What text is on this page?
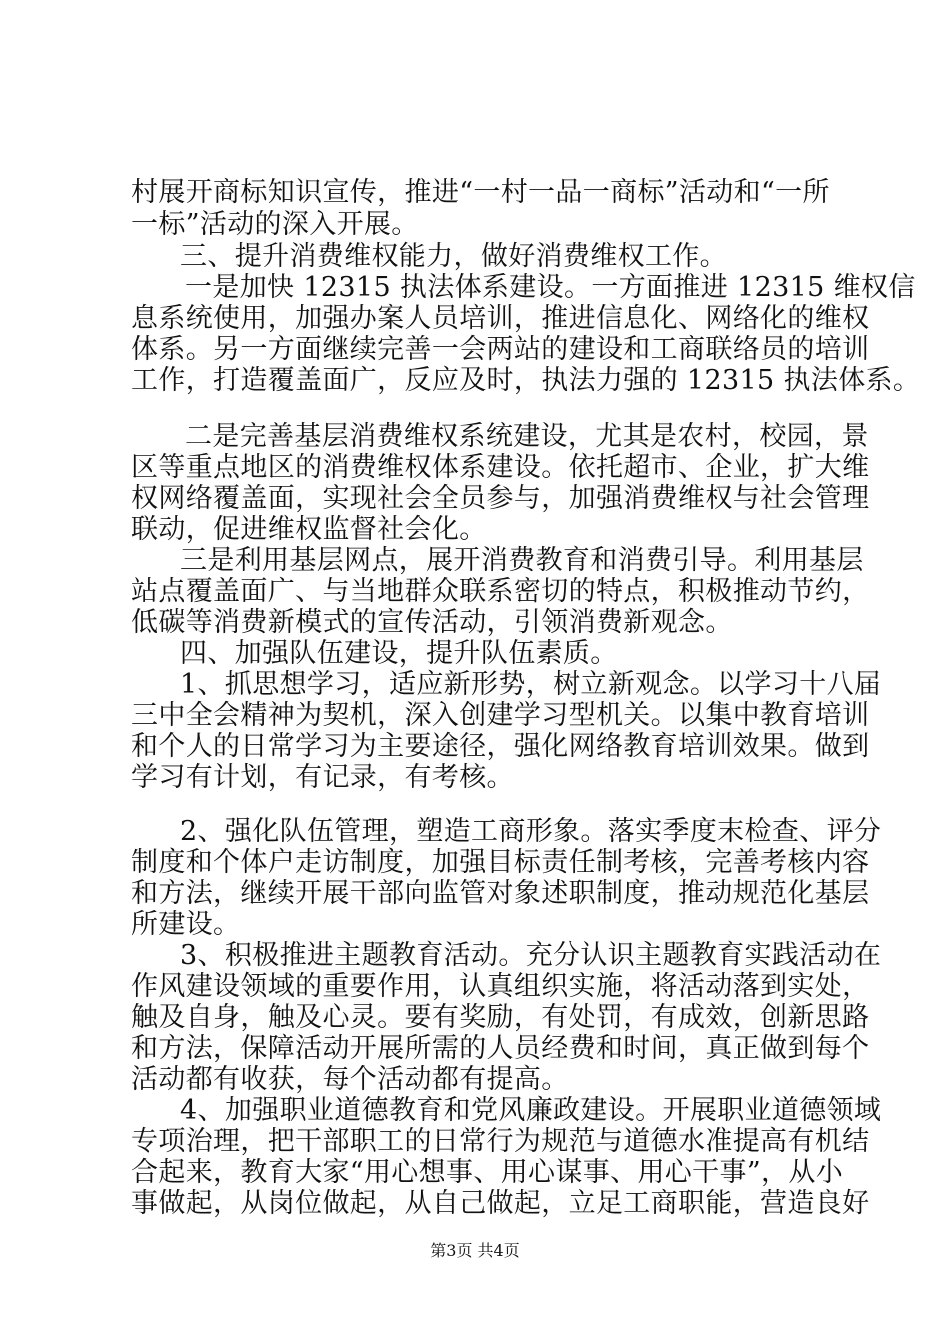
村展开商标知识宣传，推进“一村一品一商标”活动和“一所
一标”活动的深入开展。
三、提升消费维权能力，做好消费维权工作。
一是加快 12315 执法体系建设。一方面推进 12315 维权信
息系统使用，加强办案人员培训，推进信息化、网络化的维权
体系。另一方面继续完善一会两站的建设和工商联络员的培训
工作，打造覆盖面广，反应及时，执法力强的 12315 执法体系。
二是完善基层消费维权系统建设，尤其是农村，校园，景
区等重点地区的消费维权体系建设。依托超市、企业，扩大维
权网络覆盖面，实现社会全员参与，加强消费维权与社会管理
联动，促进维权监督社会化。
三是利用基层网点，展开消费教育和消费引导。利用基层
站点覆盖面广、与当地群众联系密切的特点，积极推动节约，
低碳等消费新模式的宣传活动，引领消费新观念。
四、加强队伍建设，提升队伍素质。
1、抓思想学习，适应新形势，树立新观念。以学习十八届
三中全会精神为契机，深入创建学习型机关。以集中教育培训
和个人的日常学习为主要途径，强化网络教育培训效果。做到
学习有计划，有记录，有考核。
2、强化队伍管理，塑造工商形象。落实季度末检查、评分
制度和个体户走访制度，加强目标责任制考核，完善考核内容
和方法，继续开展干部向监管对象述职制度，推动规范化基层
所建设。
3、积极推进主题教育活动。充分认识主题教育实践活动在
作风建设领域的重要作用，认真组织实施，将活动落到实处，
触及自身，触及心灵。要有奖励，有处罚，有成效，创新思路
和方法，保障活动开展所需的人员经费和时间，真正做到每个
活动都有收获，每个活动都有提高。
4、加强职业道德教育和党风廉政建设。开展职业道德领域
专项治理，把干部职工的日常行为规范与道德水准提高有机结
合起来，教育大家“用心想事、用心谋事、用心干事”，从小
事做起，从岗位做起，从自己做起，立足工商职能，营造良好
第3页 共4页
